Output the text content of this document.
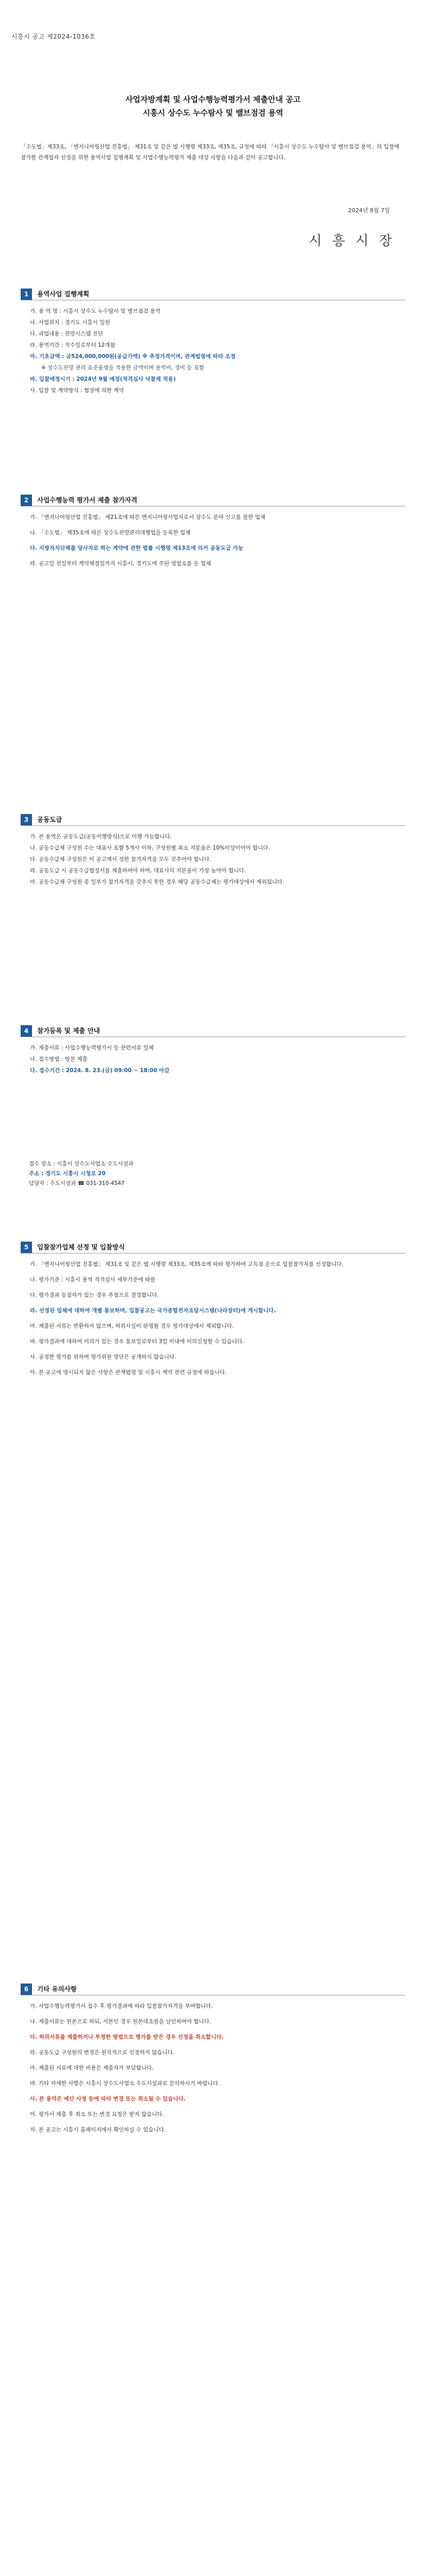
시흥시 공고 제2024-1036호
사업자방계획 및 사업수행능력평가서 제출안내 공고
시흥시 상수도 누수탐사 및 밸브점검 용역
「수도법」제33조, 「엔지니어링산업 진흥법」 제31조 및 같은 법 시행령 제33조, 제35조, 규정에 따라 「시흥시 상수도 누수탐사 및 밸브점검 용역」의 입찰에 참가할 관계업자 선정을 위한 용역사업 집행계획 및 사업수행능력평가 제출 대상 사항을 다음과 같이 공고합니다.
2024년 8월 7일
시 흥 시 장
1	용역사업 집행계획

가. 용 역 명 : 시흥시 상수도 누수탐사 및 밸브점검 용역

나. 사업위치 : 경기도 시흥시 일원

다. 과업내용 : 관망시스템 진단

라. 용역기간 : 착수일로부터 12개월

마. 기초금액 : 금524,000,000원(공급가액) ※ 추정가격이며, 관계법령에 따라 조정

※ 상수도관망 관리 표준품셈을 적용한 금액이며 용역비, 경비 등 포함

바. 입찰예정시기 : 2024년 9월 예정(적격심사 낙찰제 적용)

사. 입찰 및 계약방식 : 협상에 의한 계약

2	사업수행능력 평가서 제출 참가자격

가. 「엔지니어링산업 진흥법」 제21조에 따른 엔지니어링사업자로서 상수도 분야 신고를 필한 업체

나. 「수도법」 제35조에 따른 상수도관망관리대행업을 등록한 업체

다. 지방자치단체를 당사자로 하는 계약에 관한 법률 시행령 제13조에 의거 공동도급 가능

라. 공고일 전일부터 계약체결일까지 시흥시, 경기도에 주된 영업소를 둔 업체

3	공동도급

가. 본 용역은 공동도급(공동이행방식)으로 이행 가능합니다.

나. 공동수급체 구성원 수는 대표사 포함 5개사 이하, 구성원별 최소 지분율은 10%이상이어야 합니다.

다. 공동수급체 구성원은 이 공고에서 정한 참가자격을 모두 갖추어야 합니다.

라. 공동도급 시 공동수급협정서를 제출하여야 하며, 대표사의 지분율이 가장 높아야 합니다.

마. 공동수급체 구성원 중 일부가 참가자격을 갖추지 못한 경우 해당 공동수급체는 평가대상에서 제외됩니다.

4	참가등록 및 제출 안내

가. 제출서류 : 사업수행능력평가서 등 관련서류 일체

나. 접수방법 : 방문 제출

다. 접수기간 : 2024. 8. 23.(금) 09:00 ~ 18:00 마감

접수 장소 : 시흥시 상수도사업소 수도시설과

주소 : 경기도 시흥시 시청로 20

담당자 : 수도시설과 ☎ 031-310-4547

5	입찰참가업체 선정 및 입찰방식

가. 「엔지니어링산업 진흥법」 제31조 및 같은 법 시행령 제33조, 제35조에 따라 평가하여 고득점 순으로 입찰참가자를 선정합니다.

나. 평가기준 : 시흥시 용역 적격심사 세부기준에 따름

다. 평가결과 동점자가 있는 경우 추첨으로 결정합니다.

라. 선정된 업체에 대하여 개별 통보하며, 입찰공고는 국가종합전자조달시스템(나라장터)에 게시합니다.

마. 제출된 서류는 반환하지 않으며, 허위사실이 판명될 경우 평가대상에서 제외합니다.

바. 평가결과에 대하여 이의가 있는 경우 통보일로부터 3일 이내에 이의신청할 수 있습니다.

사. 공정한 평가를 위하여 평가위원 명단은 공개하지 않습니다.

아. 본 공고에 명시되지 않은 사항은 관계법령 및 시흥시 계약 관련 규정에 따릅니다.

6	기타 유의사항

가. 사업수행능력평가서 접수 후 평가결과에 따라 입찰참가자격을 부여합니다.

나. 제출서류는 원본으로 하되, 사본인 경우 원본대조필을 날인하여야 합니다.

다. 허위서류를 제출하거나 부정한 방법으로 평가를 받은 경우 선정을 취소합니다.

라. 공동도급 구성원의 변경은 원칙적으로 인정하지 않습니다.

마. 제출된 서류에 대한 비용은 제출자가 부담합니다.

바. 기타 자세한 사항은 시흥시 상수도사업소 수도시설과로 문의하시기 바랍니다.

사. 본 용역은 예산 사정 등에 따라 변경 또는 취소될 수 있습니다.

아. 평가서 제출 후 취소 또는 변경 요청은 받지 않습니다.

자. 본 공고는 시흥시 홈페이지에서 확인하실 수 있습니다.
